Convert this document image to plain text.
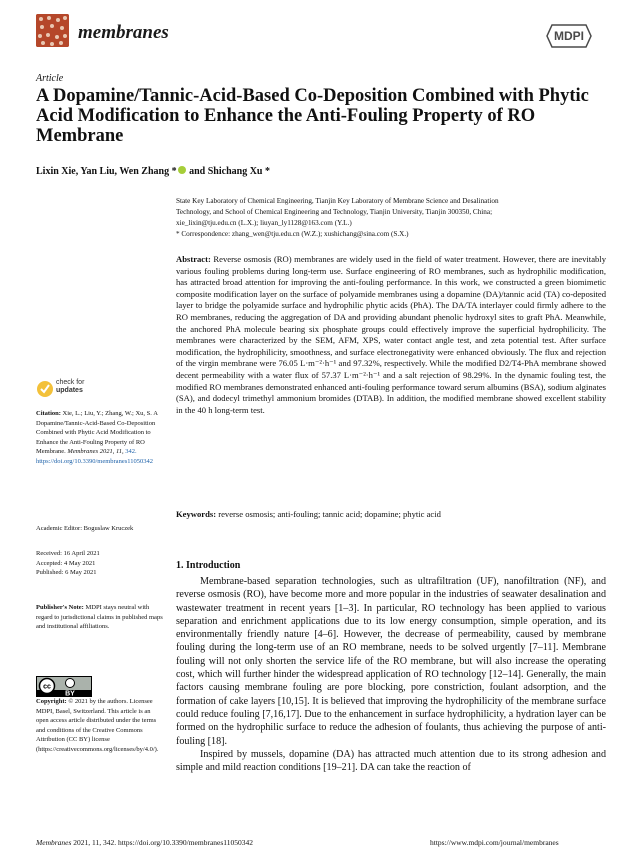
membranes	MDPI
Article
A Dopamine/Tannic-Acid-Based Co-Deposition Combined with Phytic Acid Modification to Enhance the Anti-Fouling Property of RO Membrane
Lixin Xie, Yan Liu, Wen Zhang * and Shichang Xu *
State Key Laboratory of Chemical Engineering, Tianjin Key Laboratory of Membrane Science and Desalination
Technology, and School of Chemical Engineering and Technology, Tianjin University, Tianjin 300350, China;
xie_lixin@tju.edu.cn (L.X.); liuyan_ly1128@163.com (Y.L.)
* Correspondence: zhang_wen@tju.edu.cn (W.Z.); xushichang@sina.com (S.X.)
Abstract: Reverse osmosis (RO) membranes are widely used in the field of water treatment. However, there are inevitably various fouling problems during long-term use. Surface engineering of RO membranes, such as hydrophilic modification, has attracted broad attention for improving the anti-fouling performance. In this work, we constructed a green biomimetic composite modification layer on the surface of polyamide membranes using a dopamine (DA)/tannic acid (TA) co-deposited layer to bridge the polyamide surface and hydrophilic phytic acids (PhA). The DA/TA interlayer could firmly adhere to the RO membranes, reducing the aggregation of DA and providing abundant phenolic hydroxyl sites to graft PhA. Meanwhile, the anchored PhA molecule bearing six phosphate groups could effectively improve the superficial hydrophilicity. The membranes were characterized by the SEM, AFM, XPS, water contact angle test, and zeta potential test. After surface modification, the hydrophilicity, smoothness, and surface electronegativity were enhanced obviously. The flux and rejection of the virgin membrane were 76.05 L·m⁻²·h⁻¹ and 97.32%, respectively. While the modified D2/T4-PhA membrane showed decent permeability with a water flux of 57.37 L·m⁻²·h⁻¹ and a salt rejection of 98.29%. In the dynamic fouling test, the modified RO membranes demonstrated enhanced anti-fouling performance toward serum albumins (BSA), sodium alginates (SA), and dodecyl trimethyl ammonium bromides (DTAB). In addition, the modified membrane showed excellent stability in the 40 h long-term test.
Keywords: reverse osmosis; anti-fouling; tannic acid; dopamine; phytic acid
1. Introduction

Membrane-based separation technologies, such as ultrafiltration (UF), nanofiltration (NF), and reverse osmosis (RO), have become more and more popular in the industries of seawater desalination and wastewater treatment in recent years [1–3]. In particular, RO technology has been applied to various separation and enrichment applications due to its low energy consumption, simple operation, and its environmentally friendly nature [4–6]. However, the decrease of permeability, caused by membrane fouling during the long-term use of an RO membrane, needs to be solved urgently [7–11]. Membrane fouling will not only shorten the service life of the RO membrane, but will also increase the operating cost, which will further hinder the widespread application of RO technology [12–14]. Generally, the main factors causing membrane fouling are pore blocking, pore constriction, foulant adsorption, and the formation of cake layers [10,15]. It is believed that improving the hydrophilicity of the membrane surface could reduce fouling [7,16,17]. Due to the enhancement in surface hydrophilicity, a hydration layer can be formed on the hydrophilic surface to reduce the adhesion of foulants, thus achieving the purpose of anti-fouling [18].

Inspired by mussels, dopamine (DA) has attracted much attention due to its strong adhesion and simple and mild reaction conditions [19–21]. DA can take the reaction of

check for
updates
Citation: Xie, L.; Liu, Y.; Zhang, W.; Xu, S. A Dopamine/Tannic-Acid-Based Co-Deposition Combined with Phytic Acid Modification to Enhance the Anti-Fouling Property of RO Membrane. Membranes 2021, 11, 342. https://doi.org/10.3390/membranes11050342
Academic Editor: Boguslaw Kruczek
Received: 16 April 2021
Accepted: 4 May 2021
Published: 6 May 2021
Publisher's Note: MDPI stays neutral with regard to jurisdictional claims in published maps and institutional affiliations.
cc
BY
Copyright: © 2021 by the authors. Licensee MDPI, Basel, Switzerland. This article is an open access article distributed under the terms and conditions of the Creative Commons Attribution (CC BY) license (https://creativecommons.org/licenses/by/4.0/).
Membranes 2021, 11, 342. https://doi.org/10.3390/membranes11050342	https://www.mdpi.com/journal/membranes
